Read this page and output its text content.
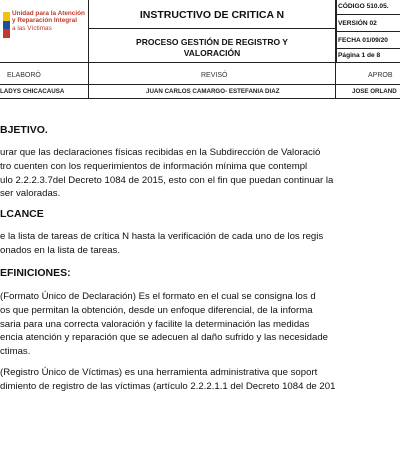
Unidad para la Atención
y Reparación Integral
a las Víctimas
INSTRUCTIVO DE CRITICA N
PROCESO GESTIÓN DE REGISTRO Y VALORACIÓN
CÓDIGO 510.05.
VERSIÓN 02
FECHA 01/09/20
Página 1 de 8
ELABORÓ	REVISÓ	APROB
LADYS CHICACAUSA	JUAN CARLOS CAMARGO- ESTEFANIA DIAZ	JOSE ORLAND
BJETIVO.
urar que las declaraciones físicas recibidas en la Subdirección de Valoració
tro cuenten con los requerimientos de información mínima que contempl
ulo 2.2.2.3.7del Decreto 1084 de 2015, esto con el fin que puedan continuar la
ser valoradas.
LCANCE
e la lista de tareas de crítica N hasta la verificación de cada uno de los regis
onados en la lista de tareas.
EFINICIONES:
(Formato Único de Declaración) Es el formato en el cual se consigna los d
os que permitan la obtención, desde un enfoque diferencial, de la informa
saria para una correcta valoración y facilite la determinación las medidas
encia atención y reparación que se adecuen al daño sufrido y las necesidade
ctimas.
(Registro Único de Víctimas) es una herramienta administrativa que soport
dimiento de registro de las víctimas (artículo 2.2.2.1.1 del Decreto 1084 de 201
